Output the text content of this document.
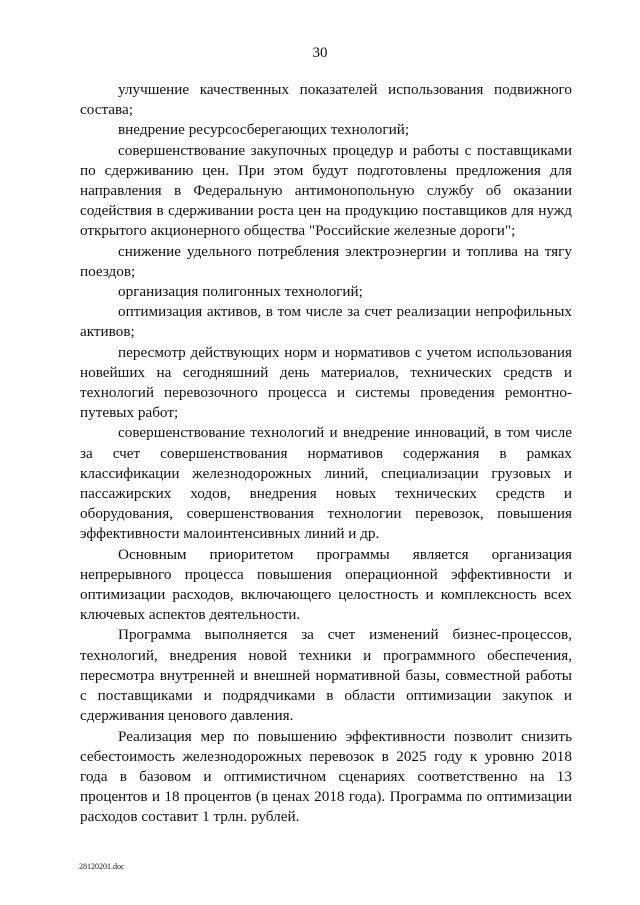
30

улучшение качественных показателей использования подвижного состава;

внедрение ресурсосберегающих технологий;

совершенствование закупочных процедур и работы с поставщиками по сдерживанию цен. При этом будут подготовлены предложения для направления в Федеральную антимонопольную службу об оказании содействия в сдерживании роста цен на продукцию поставщиков для нужд открытого акционерного общества "Российские железные дороги";

снижение удельного потребления электроэнергии и топлива на тягу поездов;

организация полигонных технологий;

оптимизация активов, в том числе за счет реализации непрофильных активов;

пересмотр действующих норм и нормативов с учетом использования новейших на сегодняшний день материалов, технических средств и технологий перевозочного процесса и системы проведения ремонтно-путевых работ;

совершенствование технологий и внедрение инноваций, в том числе за счет совершенствования нормативов содержания в рамках классификации железнодорожных линий, специализации грузовых и пассажирских ходов, внедрения новых технических средств и оборудования, совершенствования технологии перевозок, повышения эффективности малоинтенсивных линий и др.

Основным приоритетом программы является организация непрерывного процесса повышения операционной эффективности и оптимизации расходов, включающего целостность и комплексность всех ключевых аспектов деятельности.

Программа выполняется за счет изменений бизнес-процессов, технологий, внедрения новой техники и программного обеспечения, пересмотра внутренней и внешней нормативной базы, совместной работы с поставщиками и подрядчиками в области оптимизации закупок и сдерживания ценового давления.

Реализация мер по повышению эффективности позволит снизить себестоимость железнодорожных перевозок в 2025 году к уровню 2018 года в базовом и оптимистичном сценариях соответственно на 13 процентов и 18 процентов (в ценах 2018 года). Программа по оптимизации расходов составит 1 трлн. рублей.

28120201.doc
